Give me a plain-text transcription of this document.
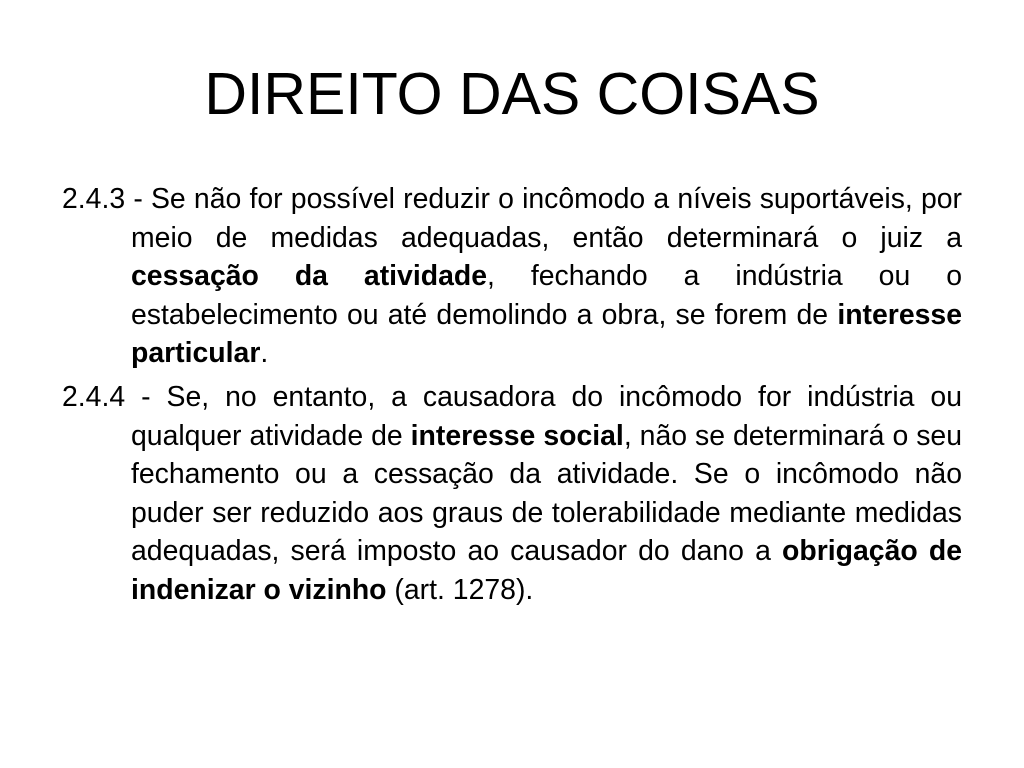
DIREITO DAS COISAS

2.4.3 - Se não for possível reduzir o incômodo a níveis suportáveis, por meio de medidas adequadas, então determinará o juiz a cessação da atividade, fechando a indústria ou o estabelecimento ou até demolindo a obra, se forem de interesse particular.

2.4.4 - Se, no entanto, a causadora do incômodo for indústria ou qualquer atividade de interesse social, não se determinará o seu fechamento ou a cessação da atividade. Se o incômodo não puder ser reduzido aos graus de tolerabilidade mediante medidas adequadas, será imposto ao causador do dano a obrigação de indenizar o vizinho (art. 1278).
